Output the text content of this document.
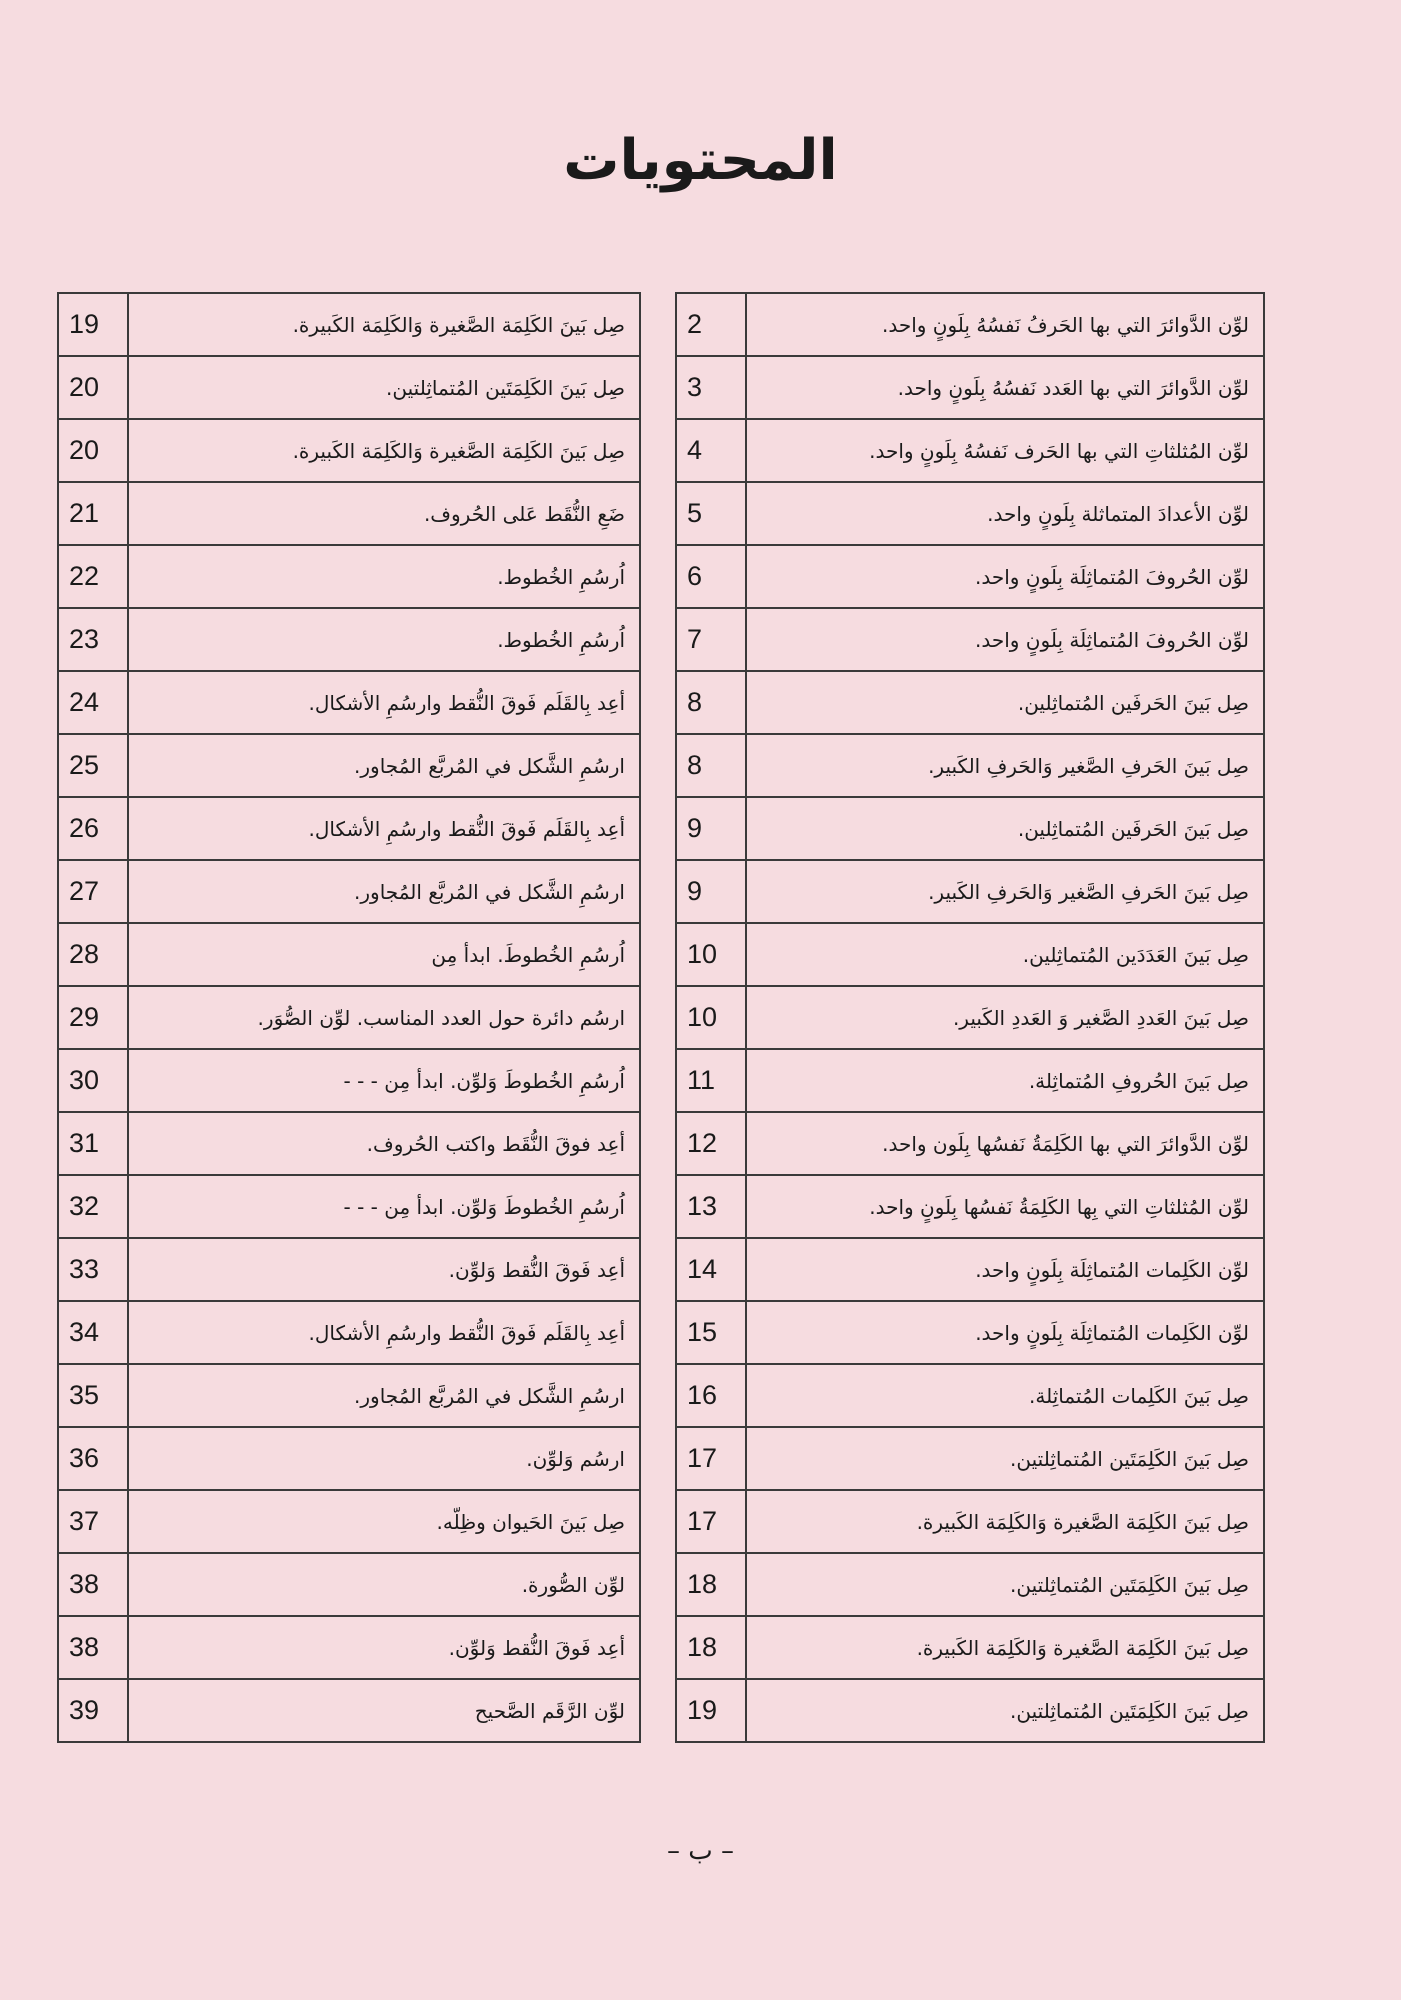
المحتويات
لوِّن الدَّوائرَ التي بها الحَرفُ نَفسُهُ بِلَونٍ واحد.	2
لوِّن الدَّوائرَ التي بها العَدد نَفسُهُ بِلَونٍ واحد.	3
لوِّن المُثلثاتِ التي بها الحَرف نَفسُهُ بِلَونٍ واحد.	4
لوِّن الأعدادَ المتماثلة بِلَونٍ واحد.	5
لوِّن الحُروفَ المُتماثِلَة بِلَونٍ واحد.	6
لوِّن الحُروفَ المُتماثِلَة بِلَونٍ واحد.	7
صِل بَينَ الحَرفَين المُتماثِلين.	8
صِل بَينَ الحَرفِ الصَّغير وَالحَرفِ الكَبير.	8
صِل بَينَ الحَرفَين المُتماثِلين.	9
صِل بَينَ الحَرفِ الصَّغير وَالحَرفِ الكَبير.	9
صِل بَينَ العَدَدَين المُتماثِلين.	10
صِل بَينَ العَددِ الصَّغير وَ العَددِ الكَبير.	10
صِل بَينَ الحُروفِ المُتماثِلة.	11
لوِّن الدَّوائرَ التي بها الكَلِمَةُ نَفسُها بِلَون واحد.	12
لوِّن المُثلثاتِ التي بِها الكَلِمَةُ نَفسُها بِلَونٍ واحد.	13
لوِّن الكَلِمات المُتماثِلَة بِلَونٍ واحد.	14
لوِّن الكَلِمات المُتماثِلَة بِلَونٍ واحد.	15
صِل بَينَ الكَلِمات المُتماثِلة.	16
صِل بَينَ الكَلِمَتَين المُتماثِلتين.	17
صِل بَينَ الكَلِمَة الصَّغيرة وَالكَلِمَة الكَبيرة.	17
صِل بَينَ الكَلِمَتَين المُتماثِلتين.	18
صِل بَينَ الكَلِمَة الصَّغيرة وَالكَلِمَة الكَبيرة.	18
صِل بَينَ الكَلِمَتَين المُتماثِلتين.	19
صِل بَينَ الكَلِمَة الصَّغيرة وَالكَلِمَة الكَبيرة.	19
صِل بَينَ الكَلِمَتَين المُتماثِلتين.	20
صِل بَينَ الكَلِمَة الصَّغيرة وَالكَلِمَة الكَبيرة.	20
ضَعِ النُّقَط عَلى الحُروف.	21
اُرسُمِ الخُطوط.	22
اُرسُمِ الخُطوط.	23
أعِد بِالقَلَم فَوقَ النُّقط وارسُمِ الأشكال.	24
ارسُمِ الشَّكل في المُربَّع المُجاور.	25
أعِد بِالقَلَم فَوقَ النُّقط وارسُمِ الأشكال.	26
ارسُمِ الشَّكل في المُربَّع المُجاور.	27
اُرسُمِ الخُطوطَ. ابدأ مِن	28
ارسُم دائرة حول العدد المناسب. لوِّن الصُّوَر.	29
اُرسُمِ الخُطوطَ وَلوِّن. ابدأ مِن - - -	30
أعِد فوقَ النُّقَط واكتب الحُروف.	31
اُرسُمِ الخُطوطَ وَلوِّن. ابدأ مِن - - -	32
أعِد فَوقَ النُّقط وَلوِّن.	33
أعِد بِالقَلَم فَوقَ النُّقط وارسُمِ الأشكال.	34
ارسُمِ الشَّكل في المُربَّع المُجاور.	35
ارسُم وَلوِّن.	36
صِل بَينَ الحَيوان وظِلّه.	37
لوِّن الصُّورة.	38
أعِد فَوقَ النُّقط وَلوِّن.	38
لوِّن الرَّقَم الصَّحيح	39
– ب –
